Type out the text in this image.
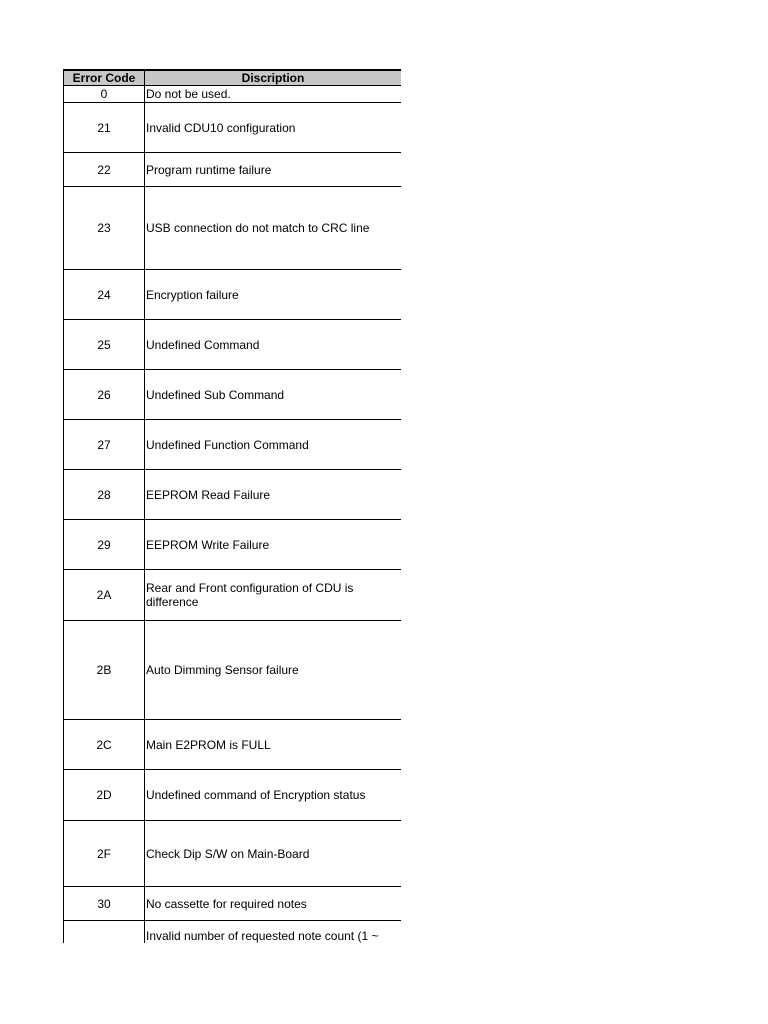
Error Code	Discription
0	Do not be used.
21	Invalid CDU10 configuration
22	Program runtime failure
23	USB connection do not match to CRC line
24	Encryption failure
25	Undefined Command
26	Undefined Sub Command
27	Undefined Function Command
28	EEPROM Read Failure
29	EEPROM Write Failure
2A	Rear and Front configuration of CDU is difference
2B	Auto Dimming Sensor failure
2C	Main E2PROM is FULL
2D	Undefined command of Encryption status
2F	Check Dip S/W on Main-Board
30	No cassette for required notes
	Invalid number of requested note count (1 ~
